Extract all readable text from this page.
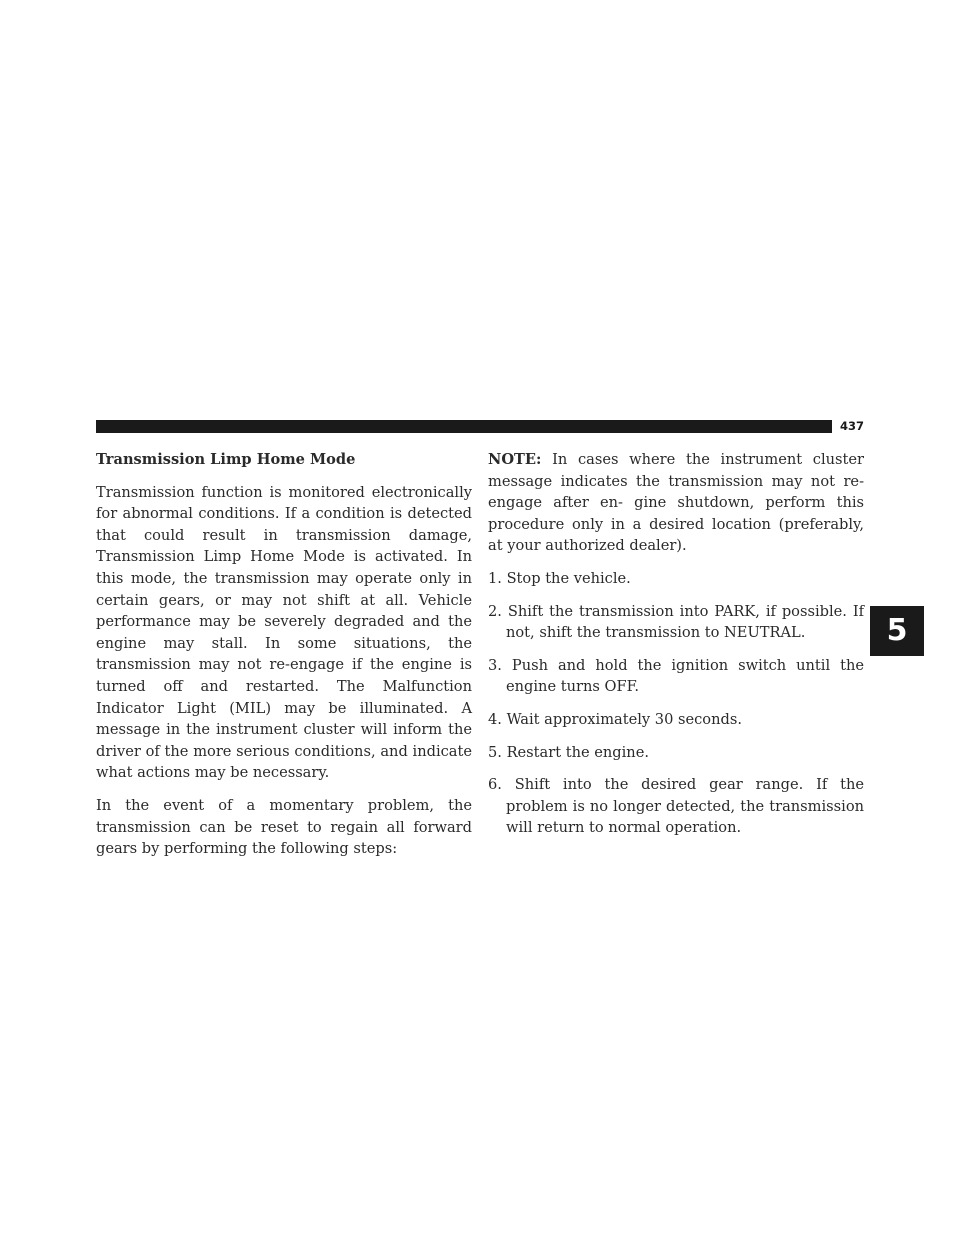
STARTING AND OPERATING 437
5
Transmission Limp Home Mode

Transmission function is monitored electronically for abnormal conditions. If a condition is detected that could result in transmission damage, Transmission Limp Home Mode is activated. In this mode, the transmission may operate only in certain gears, or may not shift at all. Vehicle performance may be severely degraded and the engine may stall. In some situations, the transmission may not re-engage if the engine is turned off and restarted. The Malfunction Indicator Light (MIL) may be illuminated. A message in the instrument cluster will inform the driver of the more serious conditions, and indicate what actions may be necessary.

In the event of a momentary problem, the transmission can be reset to regain all forward gears by performing the following steps:

NOTE: In cases where the instrument cluster message indicates the transmission may not re-engage after en- gine shutdown, perform this procedure only in a desired location (preferably, at your authorized dealer).

1. Stop the vehicle.
2. Shift the transmission into PARK, if possible. If not, shift the transmission to NEUTRAL.
3. Push and hold the ignition switch until the engine turns OFF.
4. Wait approximately 30 seconds.
5. Restart the engine.
6. Shift into the desired gear range. If the problem is no longer detected, the transmission will return to normal operation.
